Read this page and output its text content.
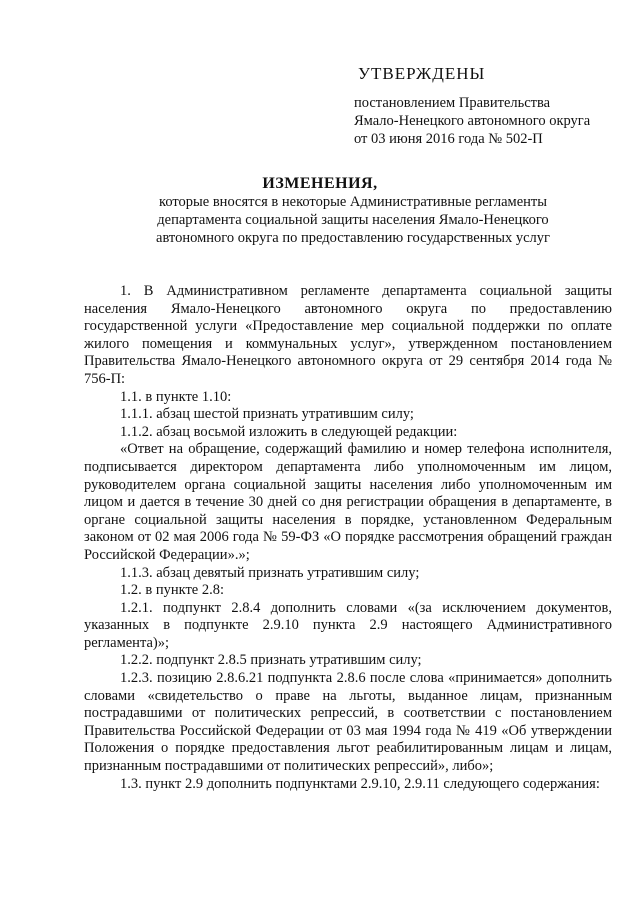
УТВЕРЖДЕНЫ
постановлением Правительства
Ямало-Ненецкого автономного округа
от 03 июня 2016 года № 502-П
ИЗМЕНЕНИЯ,
которые вносятся в некоторые Административные регламенты
департамента социальной защиты населения Ямало-Ненецкого
автономного округа по предоставлению государственных услуг

1. В Административном регламенте департамента социальной защиты населения Ямало-Ненецкого автономного округа по предоставлению государственной услуги «Предоставление мер социальной поддержки по оплате жилого помещения и коммунальных услуг», утвержденном постановлением Правительства Ямало-Ненецкого автономного округа от 29 сентября 2014 года № 756-П:

1.1. в пункте 1.10:

1.1.1. абзац шестой признать утратившим силу;

1.1.2. абзац восьмой изложить в следующей редакции:

«Ответ на обращение, содержащий фамилию и номер телефона исполнителя, подписывается директором департамента либо уполномоченным им лицом, руководителем органа социальной защиты населения либо уполномоченным им лицом и дается в течение 30 дней со дня регистрации обращения в департаменте, в органе социальной защиты населения в порядке, установленном Федеральным законом от 02 мая 2006 года № 59-ФЗ «О порядке рассмотрения обращений граждан Российской Федерации».»;

1.1.3. абзац девятый признать утратившим силу;

1.2. в пункте 2.8:

1.2.1. подпункт 2.8.4 дополнить словами «(за исключением документов, указанных в подпункте 2.9.10 пункта 2.9 настоящего Административного регламента)»;

1.2.2. подпункт 2.8.5 признать утратившим силу;

1.2.3. позицию 2.8.6.21 подпункта 2.8.6 после слова «принимается» дополнить словами «свидетельство о праве на льготы, выданное лицам, признанным пострадавшими от политических репрессий, в соответствии с постановлением Правительства Российской Федерации от 03 мая 1994 года № 419 «Об утверждении Положения о порядке предоставления льгот реабилитированным лицам и лицам, признанным пострадавшими от политических репрессий», либо»;

1.3. пункт 2.9 дополнить подпунктами 2.9.10, 2.9.11 следующего содержания:
